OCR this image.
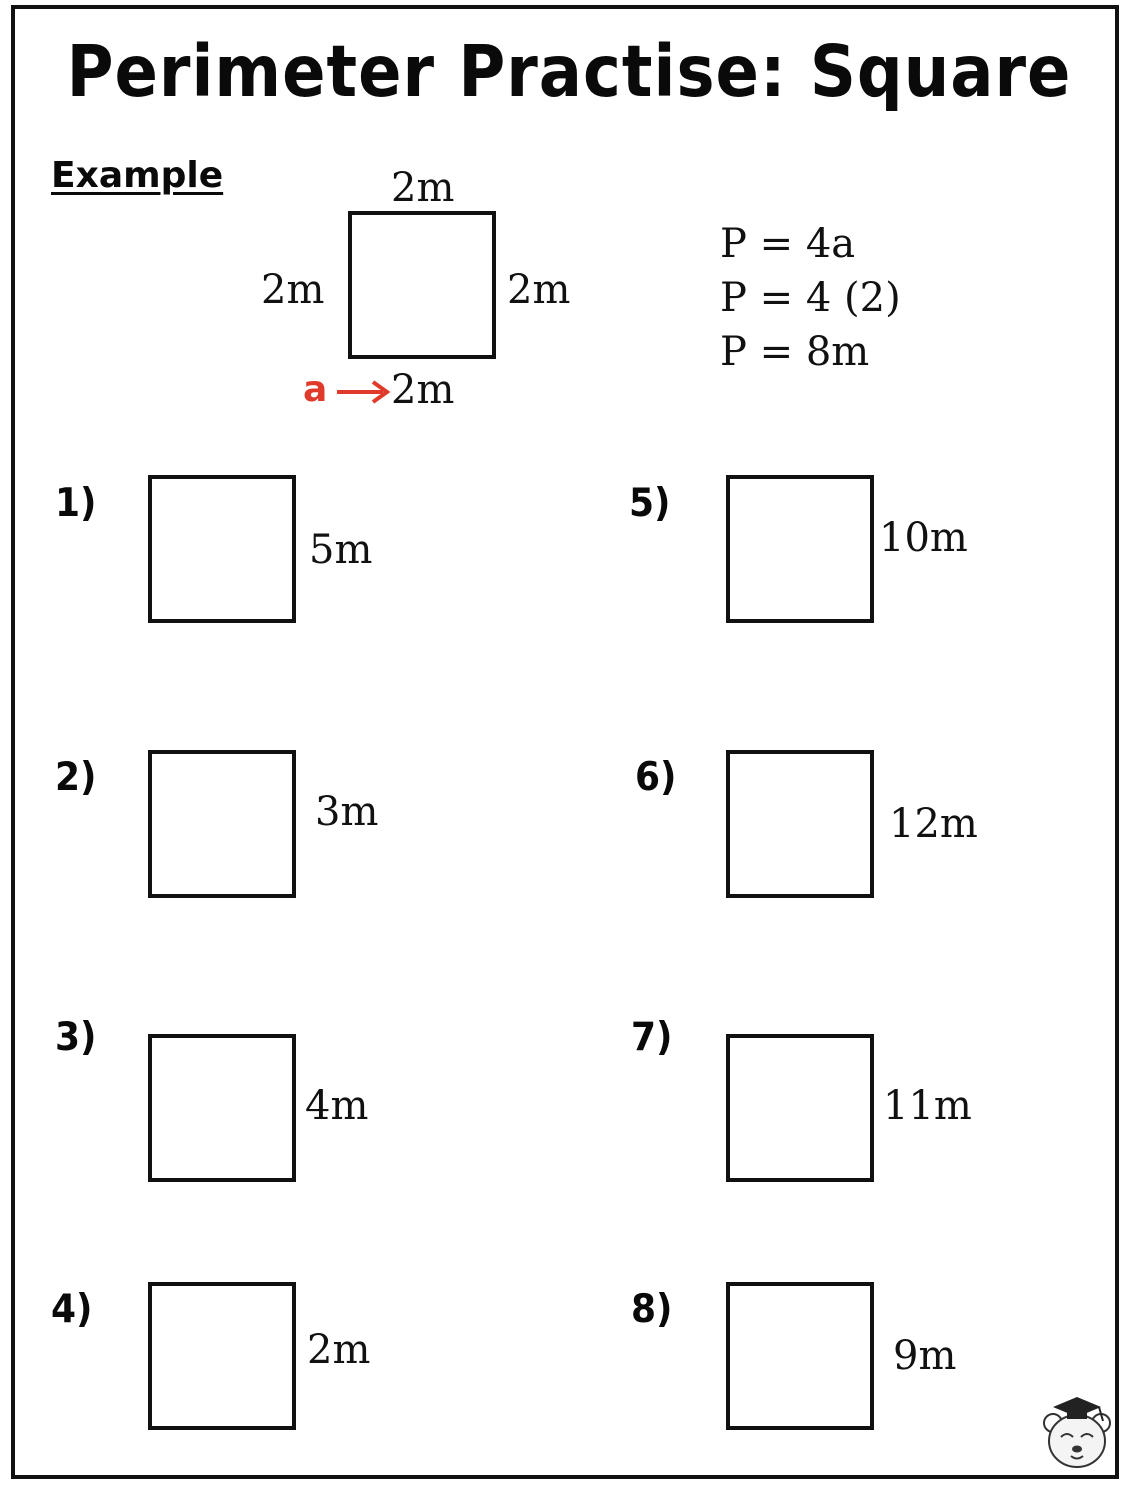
Perimeter Practise: Square
Example	2m
2m	2m
2m
a
P = 4a
P = 4 (2)
P = 8m
1)
5m
2)
3m
3)
4m
4)
2m
5)
10m
6)
12m
7)
11m
8)
9m
